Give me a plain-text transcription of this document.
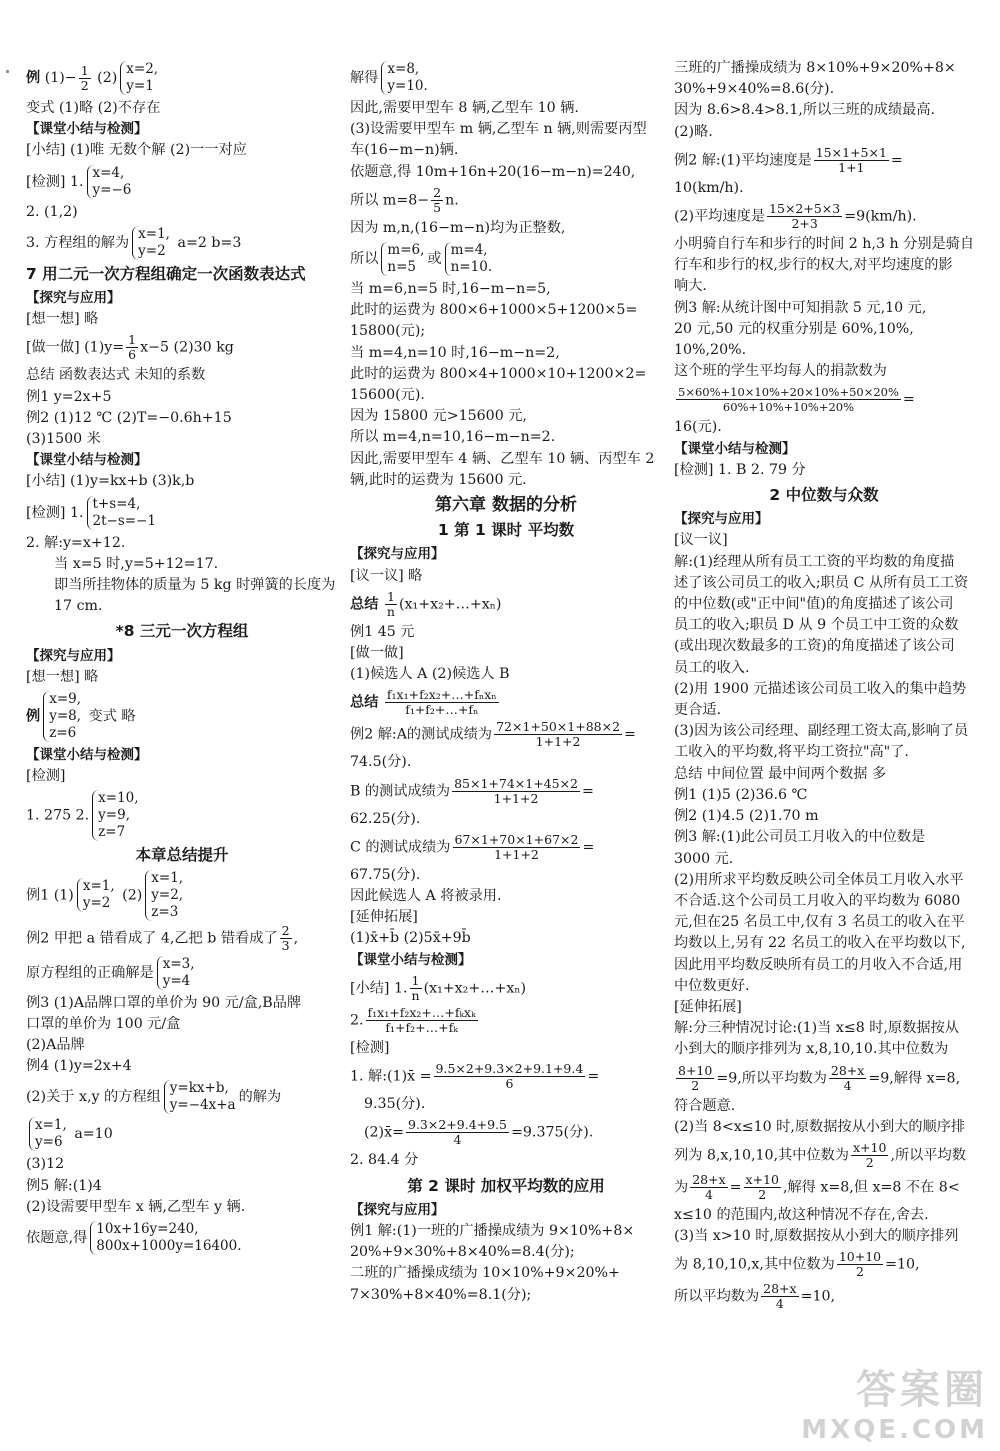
例 $(1)- \frac{1}{2} (2)$
x=2,
y=1
变式 (1)略 (2)不存在
【课堂小结与检测】
[小结] (1)唯 无数个解 (2)一一对应
[检测] 1.
x=4,
y=−6
2. (1,2)
3. 方程组的解为
x=1,
y=2 a=2 b=3
7 用二元一次方程组确定一次函数表达式
【探究与应用】
[想一想] 略
[做一做] $(1)y= \frac{1}{6} x-5$ (2)30 kg
总结 函数表达式 未知的系数
例1 y=2x+5
例2 (1)12 ℃ (2)T=−0.6h+15
(3)1500 米
【课堂小结与检测】
[小结] (1)y=kx+b (3)k,b
[检测] 1.
t+s=4,
2t−s=−1
2. 解:y=x+12.
当 x=5 时,y=5+12=17.
即当所挂物体的质量为 5 kg 时弹簧的长度为
17 cm.
*8 三元一次方程组
【探究与应用】
[想一想] 略
例
x=9,
y=8,
z=6
变式 略
【课堂小结与检测】
[检测]
1. 275 2.
x=10,
y=9,
z=7
本章总结提升
例1 (1)
x=1,
y=2 (2)
x=1,
y=2,
z=3
例2 甲把 a 错看成了 4,乙把 b 错看成了 $\frac{2}{3}$ ,
原方程组的正确解是
x=3,
y=4
例3 (1)A品牌口罩的单价为 90 元/盒,B品牌
口罩的单价为 100 元/盒
(2)A品牌
例4 (1)y=2x+4
(2)关于 x,y 的方程组
y=kx+b,
y=−4x+a 的解为
x=1,
y=6 a=10
(3)12
例5 解:(1)4
(2)设需要甲型车 x 辆,乙型车 y 辆.
依题意,得
10x+16y=240,
800x+1000y=16400.
解得
x=8,
y=10.
因此,需要甲型车 8 辆,乙型车 10 辆.
(3)设需要甲型车 m 辆,乙型车 n 辆,则需要丙型
车(16−m−n)辆.
依题意,得 10m+16n+20(16−m−n)=240,
所以 $m=8- \frac{2}{5} n$.
因为 m,n,(16−m−n)均为正整数,
所以
m=6,
n=5 或
m=4,
n=10.
当 m=6,n=5 时,16−m−n=5,
此时的运费为 800×6+1000×5+1200×5=
15800(元);
当 m=4,n=10 时,16−m−n=2,
此时的运费为 800×4+1000×10+1200×2=
15600(元).
因为 15800 元>15600 元,
所以 m=4,n=10,16−m−n=2.
因此,需要甲型车 4 辆、乙型车 10 辆、丙型车 2
辆,此时的运费为 15600 元.
第六章 数据的分析
1 第 1 课时 平均数
【探究与应用】
[议一议] 略
总结 $\frac{1}{n}$ (x₁+x₂+…+xₙ)
例1 45 元
[做一做]
(1)候选人 A (2)候选人 B
总结 $\frac{\text{f₁x₁+f₂x₂+…+fₙxₙ}}{\text{f₁+f₂+…+fₙ}}$
例2 解:A的测试成绩为 $\frac{72\times 1+50\times 1+88\times 2}{1+1+2}$ =
74.5(分).
B 的测试成绩为 $\frac{85\times 1+74\times 1+45\times 2}{1+1+2}$ =
62.25(分).
C 的测试成绩为 $\frac{67\times 1+70\times 1+67\times 2}{1+1+2}$ =
67.75(分).
因此候选人 A 将被录用.
[延伸拓展]
(1)x̄+b̄ (2)5x̄+9b̄
【课堂小结与检测】
[小结] 1. $\frac{1}{n}$ (x₁+x₂+…+xₙ)
2. $\frac{\text{f₁x₁+f₂x₂+…+fₖxₖ}}{\text{f₁+f₂+…+fₖ}}$
[检测]
1. 解:(1)x̄ = $\frac{9.5\times 2+9.3\times 2+9.1+9.4}{6}$ =
9.35(分).
(2)x̄= $\frac{9.3\times 2+9.4+9.5}{4} =9.375$(分).
2. 84.4 分
第 2 课时 加权平均数的应用
【探究与应用】
例1 解:(1)一班的广播操成绩为 9×10%+8×
20%+9×30%+8×40%=8.4(分);
二班的广播操成绩为 10×10%+9×20%+
7×30%+8×40%=8.1(分);
三班的广播操成绩为 8×10%+9×20%+8×
30%+9×40%=8.6(分).
因为 8.6>8.4>8.1,所以三班的成绩最高.
(2)略.
例2 解:(1)平均速度是 $\frac{15\times 1+5\times 1}{1+1}$ =
10(km/h).
(2)平均速度是 $\frac{15\times 2+5\times 3}{2+3} =9(km/h)$.
小明骑自行车和步行的时间 2 h,3 h 分别是骑自
行车和步行的权,步行的权大,对平均速度的影
响大.
例3 解:从统计图中可知捐款 5 元,10 元,
20 元,50 元的权重分别是 60%,10%,
10%,20%.
这个班的学生平均每人的捐款数为
$\frac{5\times 60\%+10\times 10\%+20\times 10\%+50\times 20\%}{60\%+10\%+10\%+20\%}$ =
16(元).
【课堂小结与检测】
[检测] 1. B 2. 79 分
2 中位数与众数
【探究与应用】
[议一议]
解:(1)经理从所有员工工资的平均数的角度描
述了该公司员工的收入;职员 C 从所有员工工资
的中位数(或"正中间"值)的角度描述了该公司
员工的收入;职员 D 从 9 个员工中工资的众数
(或出现次数最多的工资)的角度描述了该公司
员工的收入.
(2)用 1900 元描述该公司员工收入的集中趋势
更合适.
(3)因为该公司经理、副经理工资太高,影响了员
工收入的平均数,将平均工资拉"高"了.
总结 中间位置 最中间两个数据 多
例1 (1)5 (2)36.6 ℃
例2 (1)4.5 (2)1.70 m
例3 解:(1)此公司员工月收入的中位数是
3000 元.
(2)用所求平均数反映公司全体员工月收入水平
不合适.这个公司员工月收入的平均数为 6080
元,但在25 名员工中,仅有 3 名员工的收入在平
均数以上,另有 22 名员工的收入在平均数以下,
因此用平均数反映所有员工的月收入不合适,用
中位数更好.
[延伸拓展]
解:分三种情况讨论:(1)当 x≤8 时,原数据按从
小到大的顺序排列为 x,8,10,10.其中位数为
$\frac{8+10}{2} =9$,所以平均数为 $\frac{28+x}{4} =9$,解得 x=8,
符合题意.
(2)当 8<x≤10 时,原数据按从小到大的顺序排
列为 8,x,10,10,其中位数为 $\frac{x+10}{2}$ ,所以平均数
为 $\frac{28+x}{4} = \frac{x+10}{2}$ ,解得 x=8,但 x=8 不在 8<
x≤10 的范围内,故这种情况不存在,舍去.
(3)当 x>10 时,原数据按从小到大的顺序排列
为 8,10,10,x,其中位数为 $\frac{10+10}{2} =10$,
所以平均数为 $\frac{28+x}{4} =10$,
答案圈
MXQE.COM
